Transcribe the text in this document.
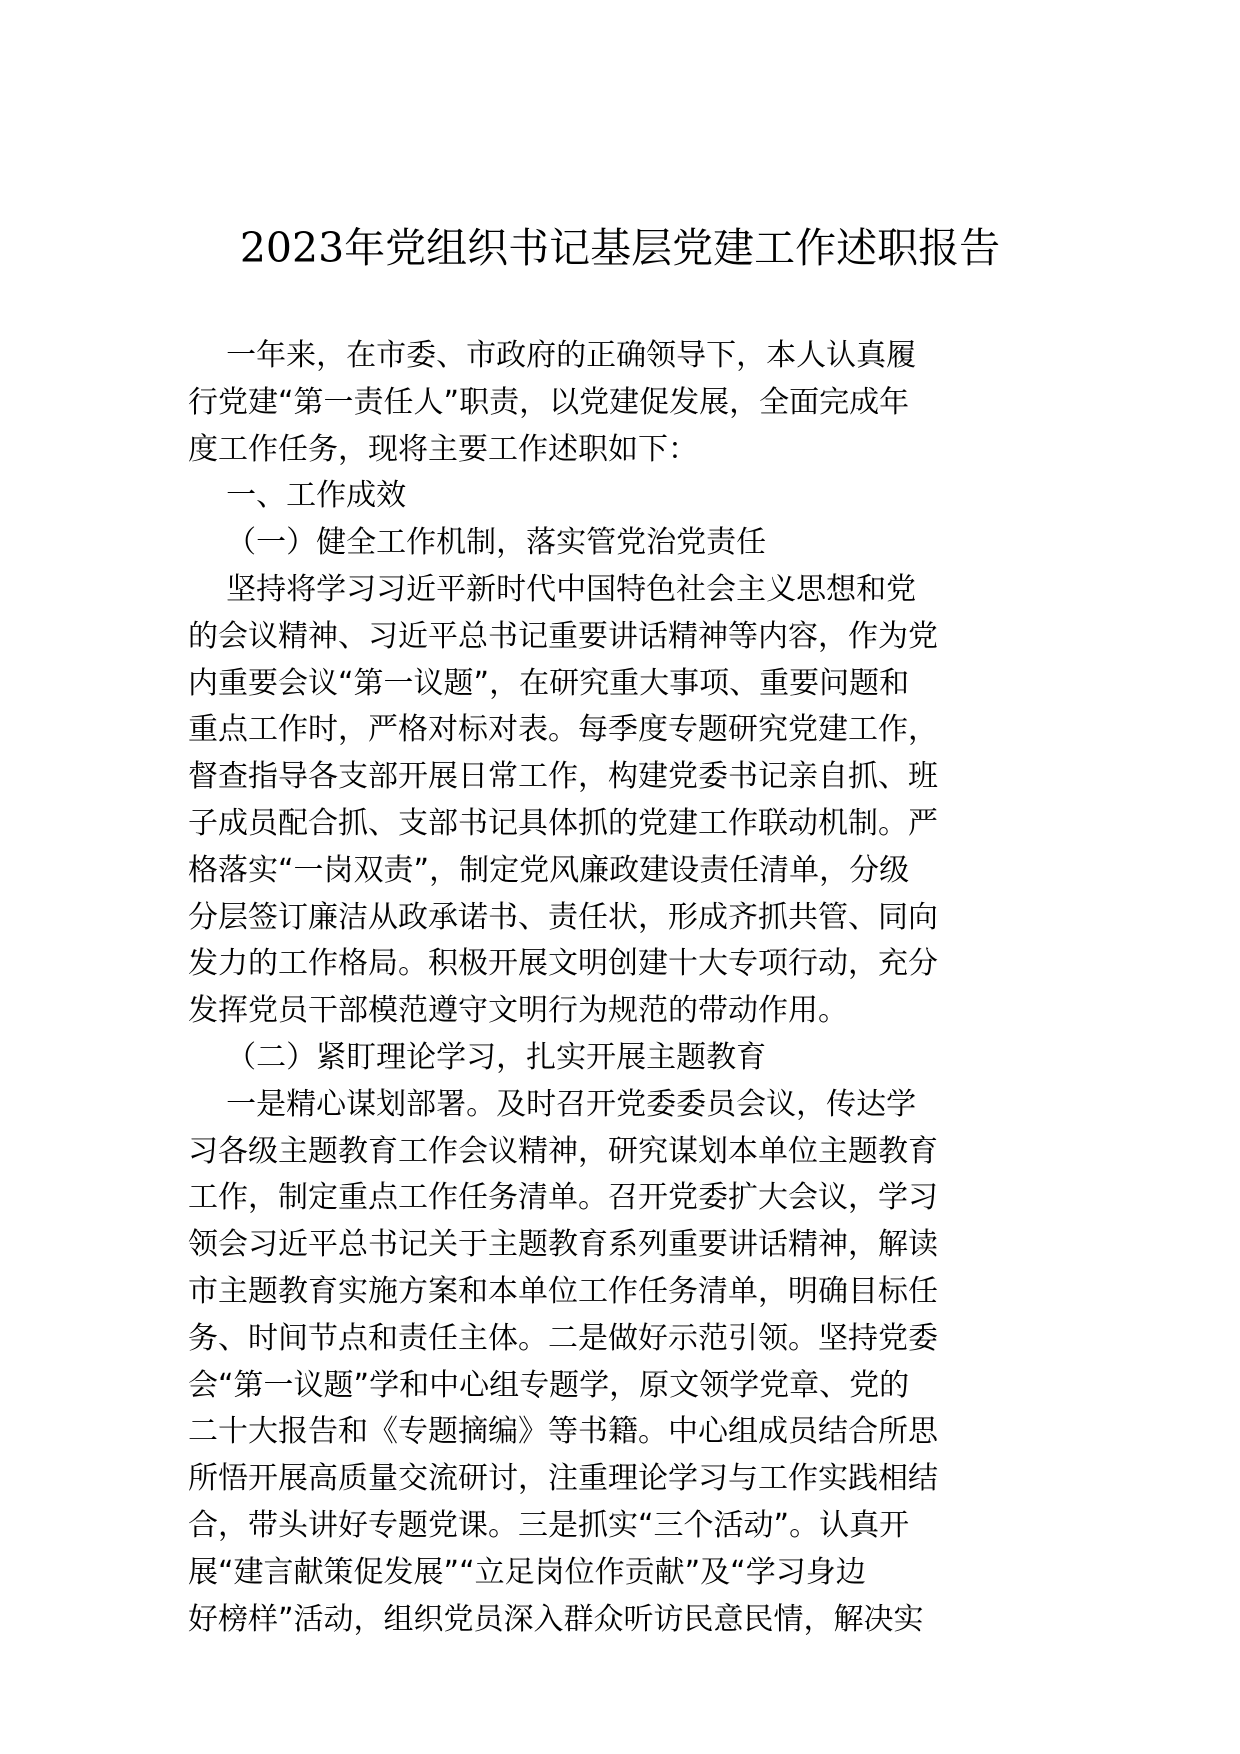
2023年党组织书记基层党建工作述职报告
一年来，在市委、市政府的正确领导下，本人认真履
行党建“第一责任人”职责，以党建促发展，全面完成年
度工作任务，现将主要工作述职如下：
一、工作成效
（一）健全工作机制，落实管党治党责任
坚持将学习习近平新时代中国特色社会主义思想和党
的会议精神、习近平总书记重要讲话精神等内容，作为党
内重要会议“第一议题”，在研究重大事项、重要问题和
重点工作时，严格对标对表。每季度专题研究党建工作，
督查指导各支部开展日常工作，构建党委书记亲自抓、班
子成员配合抓、支部书记具体抓的党建工作联动机制。严
格落实“一岗双责”，制定党风廉政建设责任清单，分级
分层签订廉洁从政承诺书、责任状，形成齐抓共管、同向
发力的工作格局。积极开展文明创建十大专项行动，充分
发挥党员干部模范遵守文明行为规范的带动作用。
（二）紧盯理论学习，扎实开展主题教育
一是精心谋划部署。及时召开党委委员会议，传达学
习各级主题教育工作会议精神，研究谋划本单位主题教育
工作，制定重点工作任务清单。召开党委扩大会议，学习
领会习近平总书记关于主题教育系列重要讲话精神，解读
市主题教育实施方案和本单位工作任务清单，明确目标任
务、时间节点和责任主体。二是做好示范引领。坚持党委
会“第一议题”学和中心组专题学，原文领学党章、党的
二十大报告和《专题摘编》等书籍。中心组成员结合所思
所悟开展高质量交流研讨，注重理论学习与工作实践相结
合，带头讲好专题党课。三是抓实“三个活动”。认真开
展“建言献策促发展”“立足岗位作贡献”及“学习身边
好榜样”活动，组织党员深入群众听访民意民情，解决实
